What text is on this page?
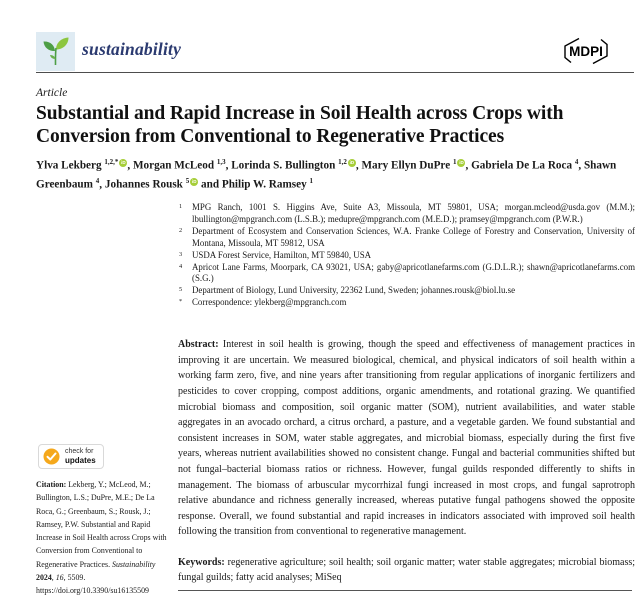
sustainability	MDPI
Article
Substantial and Rapid Increase in Soil Health across Crops with
Conversion from Conventional to Regenerative Practices
Ylva Lekberg $^{1,2,*}$ iD , Morgan McLeod $^{1,3}$, Lorinda S. Bullington $^{1,2}$ iD , Mary Ellyn DuPre $^1$ iD , Gabriela De La Roca $^4$, Shawn Greenbaum $^4$, Johannes Rousk $^5$ iD and Philip W. Ramsey $^1$
1 MPG Ranch, 1001 S. Higgins Ave, Suite A3, Missoula, MT 59801, USA; morgan.mcleod@usda.gov (M.M.); lbullington@mpgranch.com (L.S.B.); medupre@mpgranch.com (M.E.D.); pramsey@mpgranch.com (P.W.R.)
2 Department of Ecosystem and Conservation Sciences, W.A. Franke College of Forestry and Conservation, University of Montana, Missoula, MT 59812, USA
3 USDA Forest Service, Hamilton, MT 59840, USA
4 Apricot Lane Farms, Moorpark, CA 93021, USA; gaby@apricotlanefarms.com (G.D.L.R.); shawn@apricotlanefarms.com (S.G.)
5 Department of Biology, Lund University, 22362 Lund, Sweden; johannes.rousk@biol.lu.se
* Correspondence: ylekberg@mpgranch.com

Abstract: Interest in soil health is growing, though the speed and effectiveness of management practices in improving it are uncertain. We measured biological, chemical, and physical indicators of soil health within a working farm zero, five, and nine years after transitioning from regular applications of inorganic fertilizers and pesticides to cover cropping, compost additions, organic amendments, and rotational grazing. We quantified microbial biomass and composition, soil organic matter (SOM), nutrient availabilities, and water stable aggregates in an avocado orchard, a citrus orchard, a pasture, and a vegetable garden. We found substantial and consistent increases in SOM, water stable aggregates, and microbial biomass, especially during the first five years, whereas nutrient availabilities showed no consistent change. Fungal and bacterial communities shifted but not fungal–bacterial biomass ratios or richness. However, fungal guilds responded differently to shifts in management. The biomass of arbuscular mycorrhizal fungi increased in most crops, and fungal saprotroph relative abundance and richness generally increased, whereas putative fungal pathogens showed the opposite response. Overall, we found substantial and rapid increases in indicators associated with improved soil health following the transition from conventional to regenerative management.

Keywords: regenerative agriculture; soil health; soil organic matter; water stable aggregates; microbial biomass; fungal guilds; fatty acid analyses; MiSeq

check for
updates
Citation: Lekberg, Y.; McLeod, M.; Bullington, L.S.; DuPre, M.E.; De La Roca, G.; Greenbaum, S.; Rousk, J.; Ramsey, P.W. Substantial and Rapid Increase in Soil Health across Crops with Conversion from Conventional to Regenerative Practices. Sustainability 2024, 16, 5509. https://doi.org/10.3390/su16135509
